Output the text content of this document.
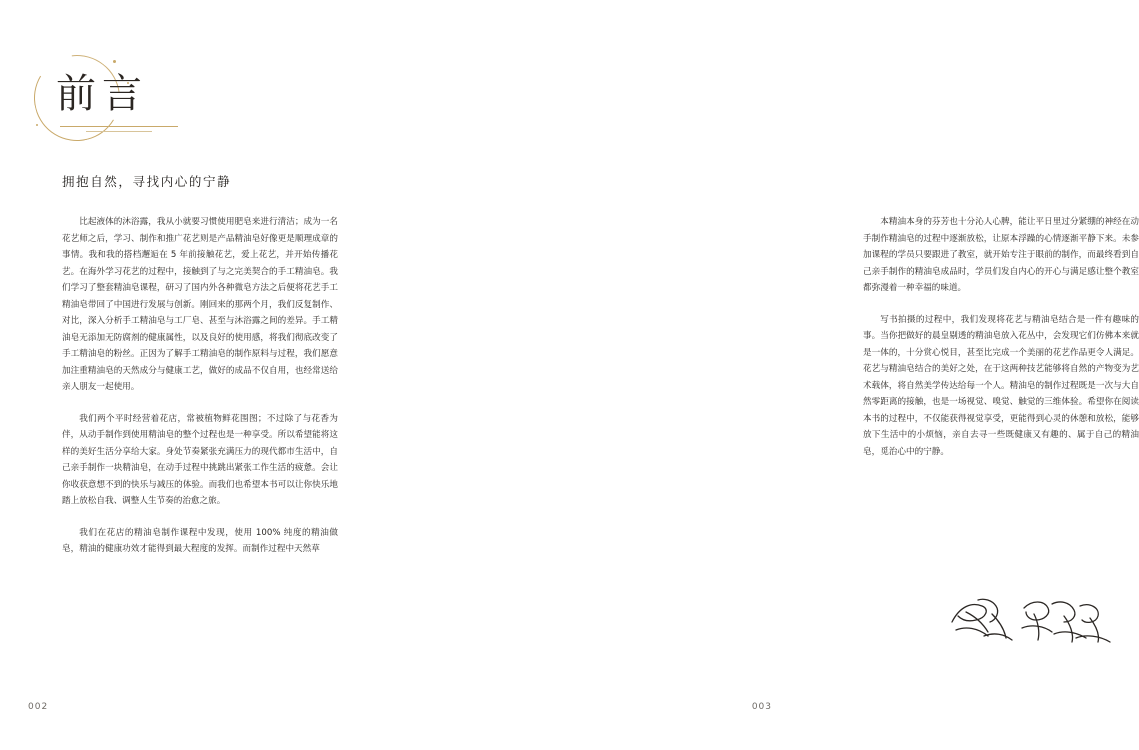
前言
拥抱自然，寻找内心的宁静

比起液体的沐浴露，我从小就要习惯使用肥皂来进行清洁；成为一名花艺师之后，学习、制作和推广花艺则是产品精油皂好像更是顺理成章的事情。我和我的搭档邂逅在 5 年前接触花艺，爱上花艺，并开始传播花艺。在海外学习花艺的过程中，接触到了与之完美契合的手工精油皂。我们学习了整套精油皂课程，研习了国内外各种微皂方法之后便将花艺手工精油皂带回了中国进行发展与创新。刚回来的那两个月，我们反复制作、对比，深入分析手工精油皂与工厂皂、甚至与沐浴露之间的差异。手工精油皂无添加无防腐剂的健康属性，以及良好的使用感，将我们彻底改变了手工精油皂的粉丝。正因为了解手工精油皂的制作原料与过程，我们愿意加注重精油皂的天然成分与健康工艺，做好的成品不仅自用，也经常送给亲人朋友一起使用。

我们两个平时经营着花店，常被植物鲜花围图；不过除了与花香为伴，从动手制作到使用精油皂的整个过程也是一种享受。所以希望能将这样的美好生活分享给大家。身处节奏紧张充满压力的现代都市生活中，自己亲手制作一块精油皂，在动手过程中挑跳出紧张工作生活的疲惫。会让你收获意想不到的快乐与减压的体验。而我们也希望本书可以让你快乐地踏上放松自我、调整人生节奏的治愈之旅。

我们在花店的精油皂制作课程中发现，使用 100% 纯度的精油做皂，精油的健康功效才能得到最大程度的发挥。而制作过程中天然草

002

本精油本身的芬芳也十分沁人心脾，能让平日里过分紧绷的神经在动手制作精油皂的过程中逐渐放松，让原本浮躁的心情逐渐平静下来。未参加课程的学员只要跟进了教室，就开始专注于眼前的制作，而最终看到自己亲手制作的精油皂成品时，学员们发自内心的开心与满足感让整个教室都弥漫着一种幸福的味道。

写书拍摄的过程中，我们发现将花艺与精油皂结合是一件有趣味的事。当你把做好的晨皇剔透的精油皂放入花丛中，会发现它们仿佛本来就是一体的，十分赏心悦目，甚至比完成一个美丽的花艺作品更令人满足。花艺与精油皂结合的美好之处，在于这两种技艺能够将自然的产物变为艺术载体，将自然美学传达给每一个人。精油皂的制作过程既是一次与大自然零距离的接触，也是一场视觉、嗅觉、触觉的三维体验。希望你在阅读本书的过程中，不仅能获得视觉享受，更能得到心灵的休憩和放松，能够放下生活中的小烦恼，亲自去寻一些既健康又有趣的、属于自己的精油皂，觅治心中的宁静。

003
